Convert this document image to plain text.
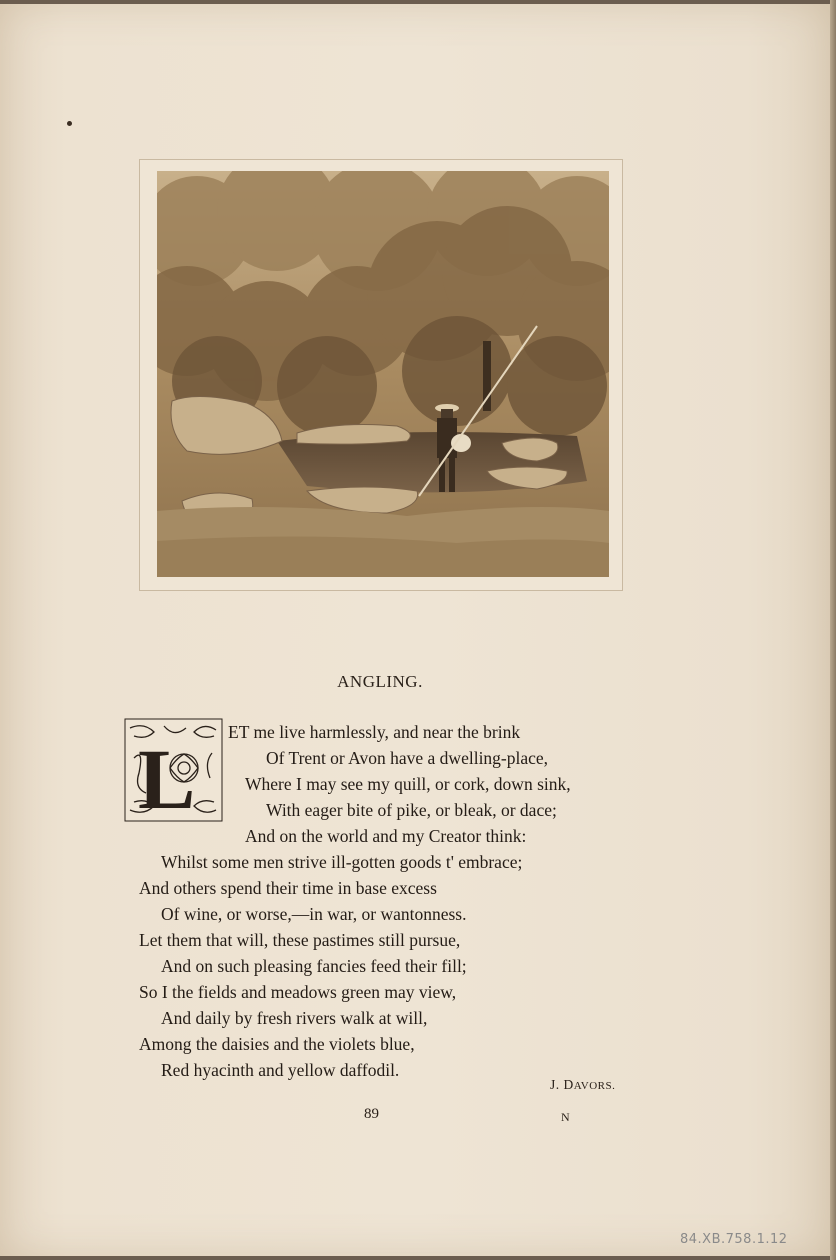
ANGLING.
L ET me live harmlessly, and near the brink
Of Trent or Avon have a dwelling-place,
Where I may see my quill, or cork, down sink,
With eager bite of pike, or bleak, or dace;
And on the world and my Creator think:
Whilst some men strive ill-gotten goods t' embrace;
And others spend their time in base excess
Of wine, or worse,—in war, or wantonness.
Let them that will, these pastimes still pursue,
And on such pleasing fancies feed their fill;
So I the fields and meadows green may view,
And daily by fresh rivers walk at will,
Among the daisies and the violets blue,
Red hyacinth and yellow daffodil.
J. DAVORS.
89	N
84.XB.758.1.12
